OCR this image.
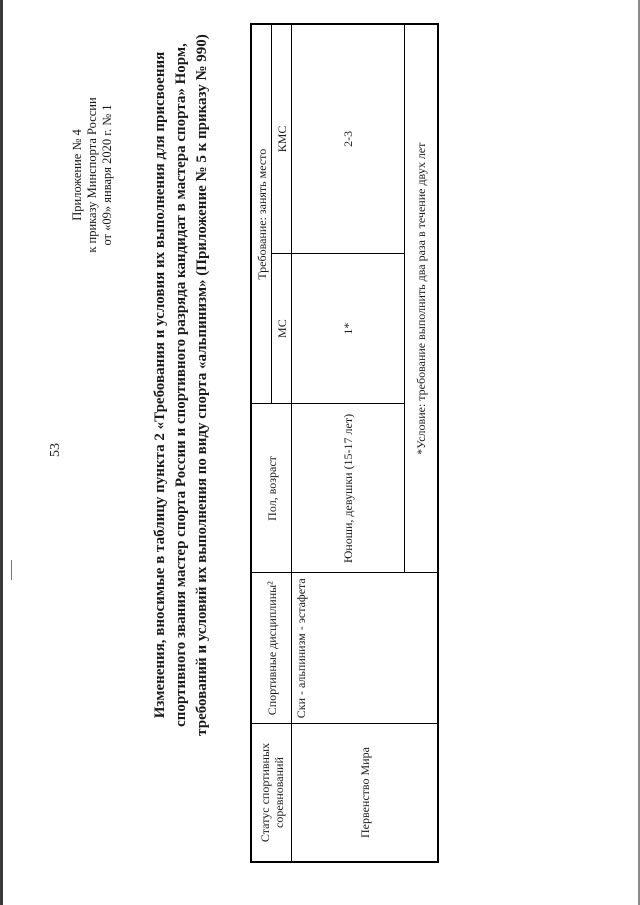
53
Приложение № 4 к приказу Минспорта России от «09» января 2020 г. № 1	Изменения, вносимые в таблицу пункта 2 «Требования и условия их выполнения для присвоения спортивного звания мастер спорта России и спортивного разряда кандидат в мастера спорта» Норм, требований и условий их выполнения по виду спорта «альпинизм» (Приложение № 5 к приказу № 990)
Статус спортивных соревнований	Спортивные дисциплины²	Пол, возраст	Требование: занять место	
			МС	КМС
Первенство Мира	Ски - альпинизм - эстафета	Юноши, девушки (15-17 лет)	1*	2-3
		*Условие: требование выполнить два раза в течение двух лет		
